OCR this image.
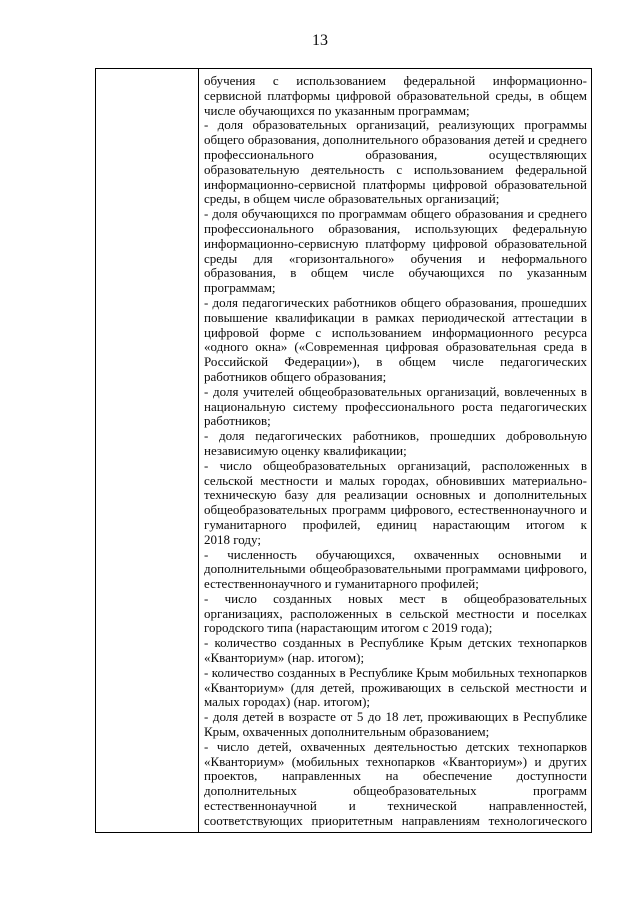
13
обучения с использованием федеральной информационно-
сервисной платформы цифровой образовательной среды, в общем
числе обучающихся по указанным программам;
- доля образовательных организаций, реализующих программы
общего образования, дополнительного образования детей и среднего
профессионального образования, осуществляющих
образовательную деятельность с использованием федеральной
информационно-сервисной платформы цифровой образовательной
среды, в общем числе образовательных организаций;
- доля обучающихся по программам общего образования и среднего
профессионального образования, использующих федеральную
информационно-сервисную платформу цифровой образовательной
среды для «горизонтального» обучения и неформального
образования, в общем числе обучающихся по указанным
программам;
- доля педагогических работников общего образования, прошедших
повышение квалификации в рамках периодической аттестации в
цифровой форме с использованием информационного ресурса
«одного окна» («Современная цифровая образовательная среда в
Российской Федерации»), в общем числе педагогических
работников общего образования;
- доля учителей общеобразовательных организаций, вовлеченных в
национальную систему профессионального роста педагогических
работников;
- доля педагогических работников, прошедших добровольную
независимую оценку квалификации;
- число общеобразовательных организаций, расположенных в
сельской местности и малых городах, обновивших материально-
техническую базу для реализации основных и дополнительных
общеобразовательных программ цифрового, естественнонаучного и
гуманитарного профилей, единиц нарастающим итогом к
2018 году;
- численность обучающихся, охваченных основными и
дополнительными общеобразовательными программами цифрового,
естественнонаучного и гуманитарного профилей;
- число созданных новых мест в общеобразовательных
организациях, расположенных в сельской местности и поселках
городского типа (нарастающим итогом с 2019 года);
- количество созданных в Республике Крым детских технопарков
«Кванториум» (нар. итогом);
- количество созданных в Республике Крым мобильных технопарков
«Кванториум» (для детей, проживающих в сельской местности и
малых городах) (нар. итогом);
- доля детей в возрасте от 5 до 18 лет, проживающих в Республике
Крым, охваченных дополнительным образованием;
- число детей, охваченных деятельностью детских технопарков
«Кванториум» (мобильных технопарков «Кванториум») и других
проектов, направленных на обеспечение доступности
дополнительных общеобразовательных программ
естественнонаучной и технической направленностей,
соответствующих приоритетным направлениям технологического
